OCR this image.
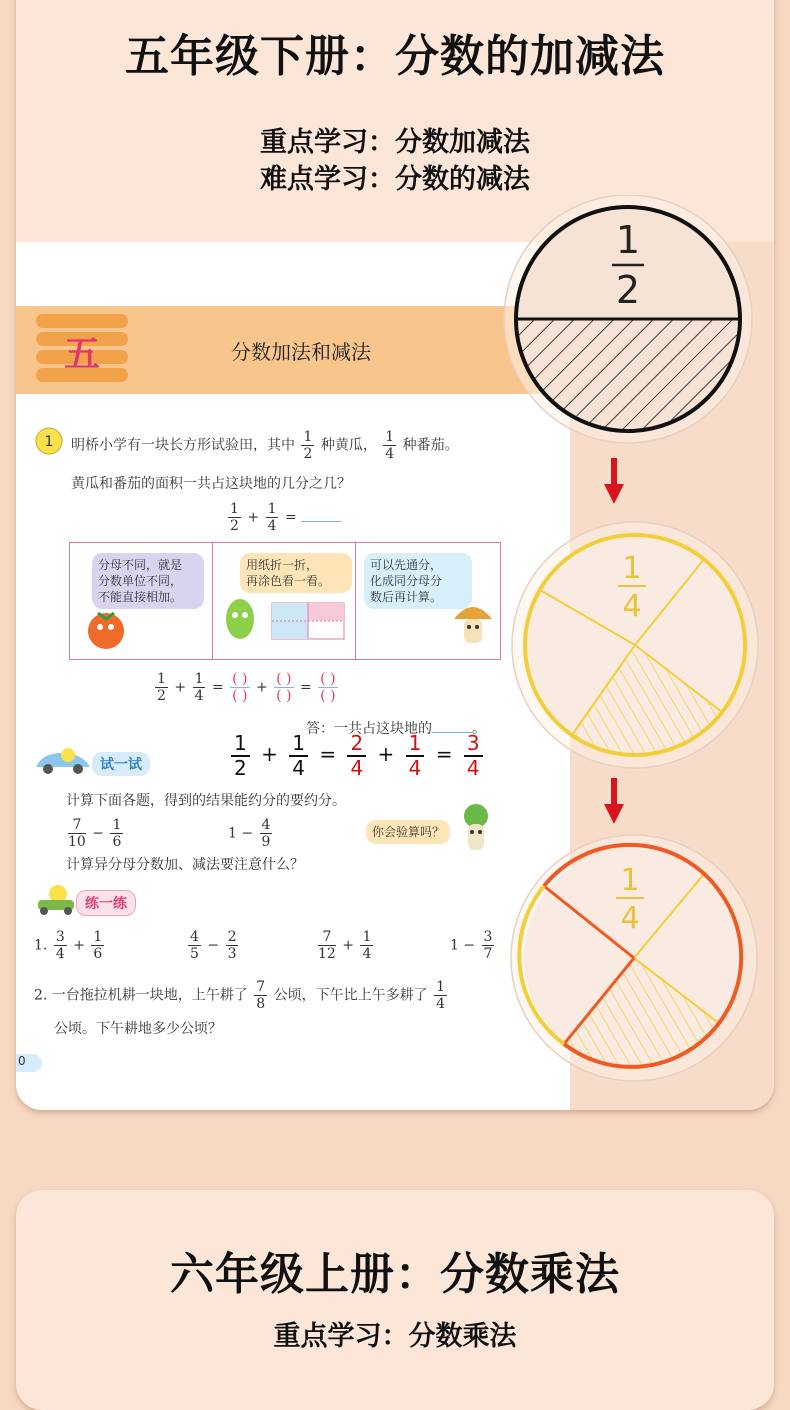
五年级下册：分数的加减法
重点学习：分数加减法
难点学习：分数的减法
五	分数加法和减法
1 明桥小学有一块长方形试验田，其中 $\frac{1}{2}$ 种黄瓜， $\frac{1}{4}$ 种番茄。
黄瓜和番茄的面积一共占这块地的几分之几？
$\frac{1}{2} + \frac{1}{4}$ =
分母不同，就是
分数单位不同，
不能直接相加。
用纸折一折，
再涂色看一看。
可以先通分，
化成同分母分
数后再计算。
$\frac{1}{2} + \frac{1}{4} = \frac{( )}{( )} + \frac{( )}{( )} = \frac{( )}{( )}$
答：一共占这块地的	。
试一试	$\frac{1}{2} + \frac{1}{4} = \frac{2}{4} + \frac{1}{4} = \frac{3}{4}$
计算下面各题，得到的结果能约分的要约分。
$\frac{7}{10} - \frac{1}{6}$	$1 - \frac{4}{9}$	你会验算吗？
计算异分母分数加、减法要注意什么？
练一练
1. $\frac{3}{4} + \frac{1}{6}$	$\frac{4}{5} - \frac{2}{3}$	$\frac{7}{12} + \frac{1}{4}$	$1 - \frac{3}{7}$
2. 一台拖拉机耕一块地，上午耕了 $\frac{7}{8}$ 公顷，下午比上午多耕了 $\frac{1}{4}$
公顷。下午耕地多少公顷？
0
1
2
1
4
1
4
六年级上册：分数乘法
重点学习：分数乘法
